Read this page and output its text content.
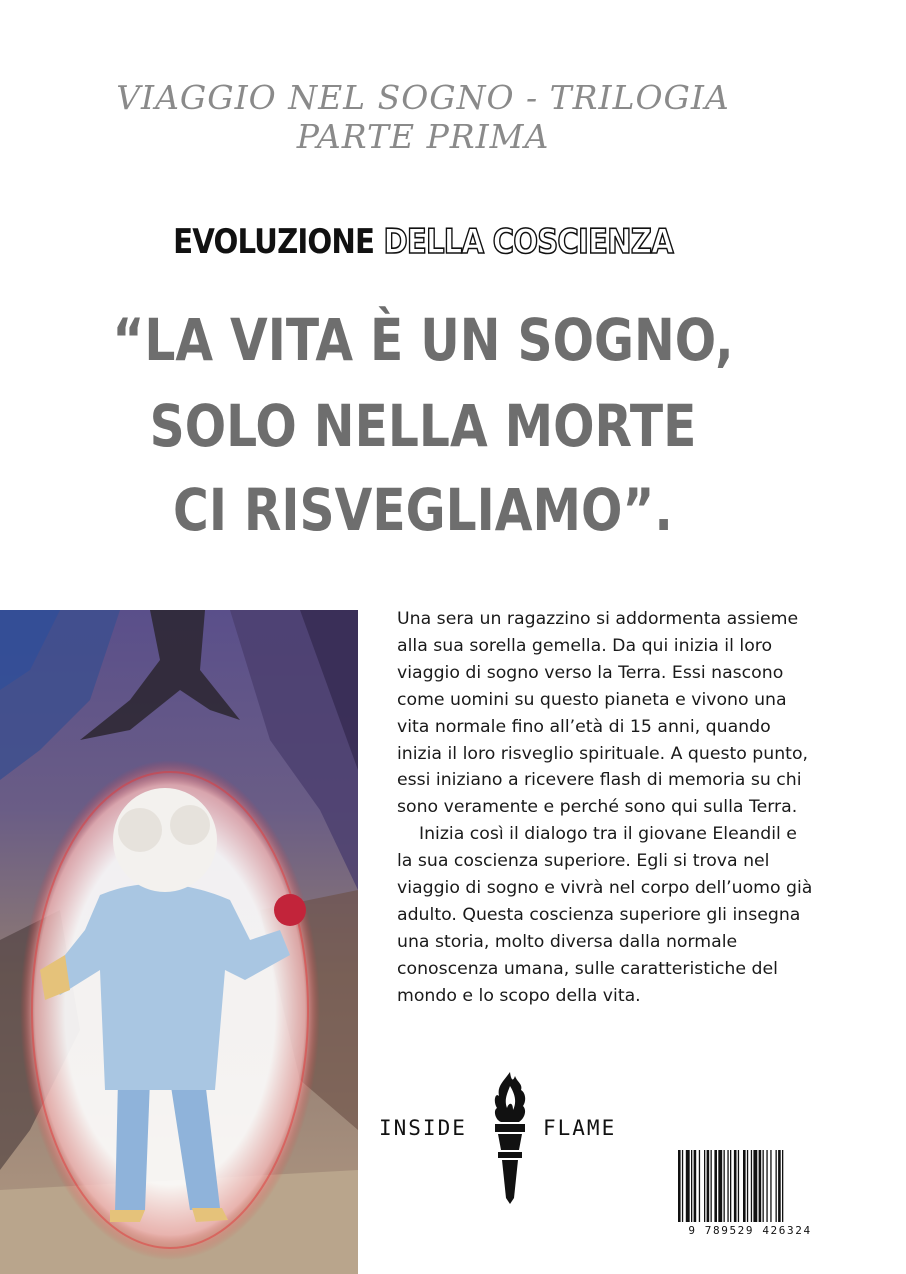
VIAGGIO NEL SOGNO - TRILOGIA
PARTE PRIMA
EVOLUZIONE DELLA COSCIENZA
“LA VITA È UN SOGNO,
SOLO NELLA MORTE
CI RISVEGLIAMO”.

Una sera un ragazzino si addormenta assieme alla sua sorella gemella. Da qui inizia il loro viaggio di sogno verso la Terra. Essi nascono come uomini su questo pianeta e vivono una vita normale fino all’età di 15 anni, quando inizia il loro risveglio spirituale. A questo punto, essi iniziano a ricevere flash di memoria su chi sono veramente e perché sono qui sulla Terra.

Inizia così il dialogo tra il giovane Eleandil e la sua coscienza superiore. Egli si trova nel viaggio di sogno e vivrà nel corpo dell’uomo già adulto. Questa coscienza superiore gli insegna una storia, molto diversa dalla normale conoscenza umana, sulle caratteristiche del mondo e lo scopo della vita.

INSIDE	FLAME
9 789529 426324
